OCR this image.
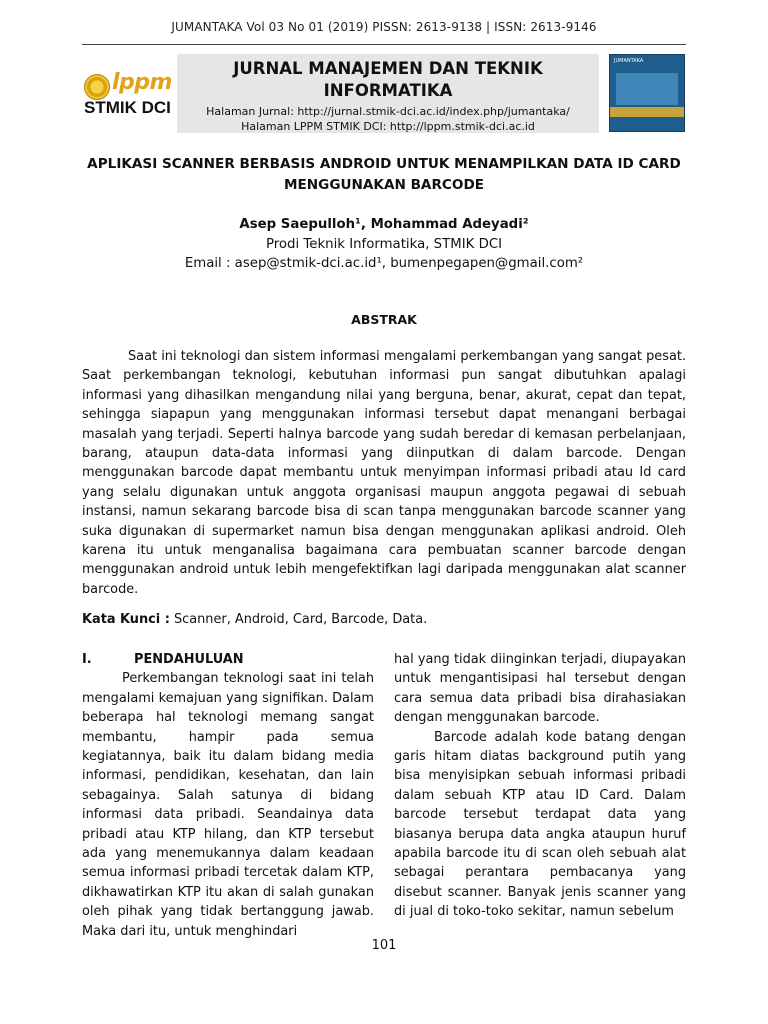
JUMANTAKA Vol 03 No 01 (2019) PISSN: 2613-9138 | ISSN: 2613-9146
lppm
STMIK DCI
JURNAL MANAJEMEN DAN TEKNIK INFORMATIKA
Halaman Jurnal: http://jurnal.stmik-dci.ac.id/index.php/jumantaka/
Halaman LPPM STMIK DCI: http://lppm.stmik-dci.ac.id
JUMANTAKA
APLIKASI SCANNER BERBASIS ANDROID UNTUK MENAMPILKAN DATA ID CARD MENGGUNAKAN BARCODE
Asep Saepulloh¹, Mohammad Adeyadi²
Prodi Teknik Informatika, STMIK DCI
Email : asep@stmik-dci.ac.id¹, bumenpegapen@gmail.com²
ABSTRAK

Saat ini teknologi dan sistem informasi mengalami perkembangan yang sangat pesat. Saat perkembangan teknologi, kebutuhan informasi pun sangat dibutuhkan apalagi informasi yang dihasilkan mengandung nilai yang berguna, benar, akurat, cepat dan tepat, sehingga siapapun yang menggunakan informasi tersebut dapat menangani berbagai masalah yang terjadi. Seperti halnya barcode yang sudah beredar di kemasan perbelanjaan, barang, ataupun data-data informasi yang diinputkan di dalam barcode. Dengan menggunakan barcode dapat membantu untuk menyimpan informasi pribadi atau Id card yang selalu digunakan untuk anggota organisasi maupun anggota pegawai di sebuah instansi, namun sekarang barcode bisa di scan tanpa menggunakan barcode scanner yang suka digunakan di supermarket namun bisa dengan menggunakan aplikasi android. Oleh karena itu untuk menganalisa bagaimana cara pembuatan scanner barcode dengan menggunakan android untuk lebih mengefektifkan lagi daripada menggunakan alat scanner barcode.

Kata Kunci : Scanner, Android, Card, Barcode, Data.
I.	PENDAHULUAN

Perkembangan teknologi saat ini telah mengalami kemajuan yang signifikan. Dalam beberapa hal teknologi memang sangat membantu, hampir pada semua kegiatannya, baik itu dalam bidang media informasi, pendidikan, kesehatan, dan lain sebagainya. Salah satunya di bidang informasi data pribadi. Seandainya data pribadi atau KTP hilang, dan KTP tersebut ada yang menemukannya dalam keadaan semua informasi pribadi tercetak dalam KTP, dikhawatirkan KTP itu akan di salah gunakan oleh pihak yang tidak bertanggung jawab. Maka dari itu, untuk menghindari

hal yang tidak diinginkan terjadi, diupayakan untuk mengantisipasi hal tersebut dengan cara semua data pribadi bisa dirahasiakan dengan menggunakan barcode.

Barcode adalah kode batang dengan garis hitam diatas background putih yang bisa menyisipkan sebuah informasi pribadi dalam sebuah KTP atau ID Card. Dalam barcode tersebut terdapat data yang biasanya berupa data angka ataupun huruf apabila barcode itu di scan oleh sebuah alat sebagai perantara pembacanya yang disebut scanner. Banyak jenis scanner yang di jual di toko-toko sekitar, namun sebelum

101
